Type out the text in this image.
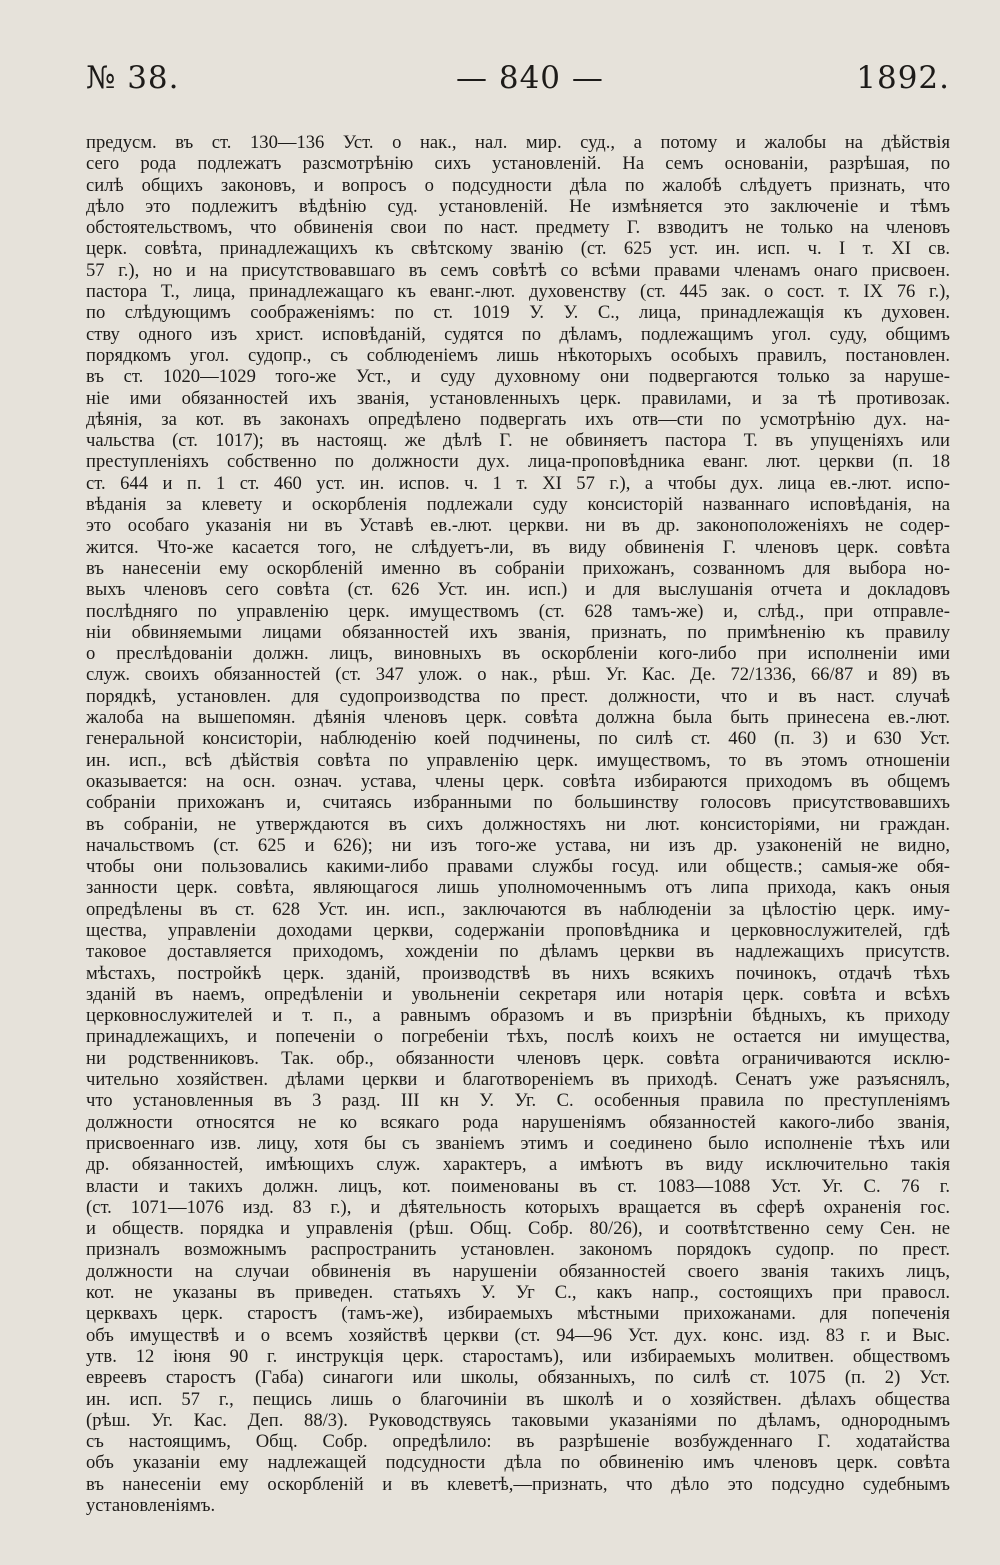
№ 38.	— 840 —	1892.
предусм. въ ст. 130—136 Уст. о нак., нал. мир. суд., а потому и жалобы на дѣйствія
сего рода подлежатъ разсмотрѣнію сихъ установленій. На семъ основаніи, разрѣшая, по
силѣ общихъ законовъ, и вопросъ о подсудности дѣла по жалобѣ слѣдуетъ признать, что
дѣло это подлежитъ вѣдѣнію суд. установленій. Не измѣняется это заключеніе и тѣмъ
обстоятельствомъ, что обвиненія свои по наст. предмету Г. взводитъ не только на членовъ
церк. совѣта, принадлежащихъ къ свѣтскому званію (ст. 625 уст. ин. исп. ч. I т. XI св.
57 г.), но и на присутствовавшаго въ семъ совѣтѣ со всѣми правами членамъ онаго присвоен.
пастора Т., лица, принадлежащаго къ еванг.-лют. духовенству (ст. 445 зак. о сост. т. IX 76 г.),
по слѣдующимъ соображеніямъ: по ст. 1019 У. У. С., лица, принадлежащія къ духовен.
ству одного изъ христ. исповѣданій, судятся по дѣламъ, подлежащимъ угол. суду, общимъ
порядкомъ угол. судопр., съ соблюденіемъ лишь нѣкоторыхъ особыхъ правилъ, постановлен.
въ ст. 1020—1029 того-же Уст., и суду духовному они подвергаются только за наруше-
ніе ими обязанностей ихъ званія, установленныхъ церк. правилами, и за тѣ противозак.
дѣянія, за кот. въ законахъ опредѣлено подвергать ихъ отв—сти по усмотрѣнію дух. на-
чальства (ст. 1017); въ настоящ. же дѣлѣ Г. не обвиняетъ пастора Т. въ упущеніяхъ или
преступленіяхъ собственно по должности дух. лица-проповѣдника еванг. лют. церкви (п. 18
ст. 644 и п. 1 ст. 460 уст. ин. испов. ч. 1 т. XI 57 г.), а чтобы дух. лица ев.-лют. испо-
вѣданія за клевету и оскорбленія подлежали суду консисторій названнаго исповѣданія, на
это особаго указанія ни въ Уставѣ ев.-лют. церкви. ни въ др. законоположеніяхъ не содер-
жится. Что-же касается того, не слѣдуетъ-ли, въ виду обвиненія Г. членовъ церк. совѣта
въ нанесеніи ему оскорбленій именно въ собраніи прихожанъ, созванномъ для выбора но-
выхъ членовъ сего совѣта (ст. 626 Уст. ин. исп.) и для выслушанія отчета и докладовъ
послѣдняго по управленію церк. имуществомъ (ст. 628 тамъ-же) и, слѣд., при отправле-
ніи обвиняемыми лицами обязанностей ихъ званія, признать, по примѣненію къ правилу
о преслѣдованіи должн. лицъ, виновныхъ въ оскорбленіи кого-либо при исполненіи ими
служ. своихъ обязанностей (ст. 347 улож. о нак., рѣш. Уг. Кас. Де. 72/1336, 66/87 и 89) въ
порядкѣ, установлен. для судопроизводства по прест. должности, что и въ наст. случаѣ
жалоба на вышепомян. дѣянія членовъ церк. совѣта должна была быть принесена ев.-лют.
генеральной консисторіи, наблюденію коей подчинены, по силѣ ст. 460 (п. 3) и 630 Уст.
ин. исп., всѣ дѣйствія совѣта по управленію церк. имуществомъ, то въ этомъ отношеніи
оказывается: на осн. означ. устава, члены церк. совѣта избираются приходомъ въ общемъ
собраніи прихожанъ и, считаясь избранными по большинству голосовъ присутствовавшихъ
въ собраніи, не утверждаются въ сихъ должностяхъ ни лют. консисторіями, ни граждан.
начальствомъ (ст. 625 и 626); ни изъ того-же устава, ни изъ др. узаконеній не видно,
чтобы они пользовались какими-либо правами службы госуд. или обществ.; самыя-же обя-
занности церк. совѣта, являющагося лишь уполномоченнымъ отъ липа прихода, какъ оныя
опредѣлены въ ст. 628 Уст. ин. исп., заключаются въ наблюденіи за цѣлостію церк. иму-
щества, управленіи доходами церкви, содержаніи проповѣдника и церковнослужителей, гдѣ
таковое доставляется приходомъ, хожденіи по дѣламъ церкви въ надлежащихъ присутств.
мѣстахъ, постройкѣ церк. зданій, производствѣ въ нихъ всякихъ починокъ, отдачѣ тѣхъ
зданій въ наемъ, опредѣленіи и увольненіи секретаря или нотарія церк. совѣта и всѣхъ
церковнослужителей и т. п., а равнымъ образомъ и въ призрѣніи бѣдныхъ, къ приходу
принадлежащихъ, и попеченіи о погребеніи тѣхъ, послѣ коихъ не остается ни имущества,
ни родственниковъ. Так. обр., обязанности членовъ церк. совѣта ограничиваются исклю-
чительно хозяйствен. дѣлами церкви и благотвореніемъ въ приходѣ. Сенатъ уже разъяснялъ,
что установленныя въ 3 разд. III кн У. Уг. С. особенныя правила по преступленіямъ
должности относятся не ко всякаго рода нарушеніямъ обязанностей какого-либо званія,
присвоеннаго изв. лицу, хотя бы съ званіемъ этимъ и соединено было исполненіе тѣхъ или
др. обязанностей, имѣющихъ служ. характеръ, а имѣютъ въ виду исключительно такія
власти и такихъ должн. лицъ, кот. поименованы въ ст. 1083—1088 Уст. Уг. С. 76 г.
(ст. 1071—1076 изд. 83 г.), и дѣятельность которыхъ вращается въ сферѣ охраненія гос.
и обществ. порядка и управленія (рѣш. Общ. Собр. 80/26), и соотвѣтственно сему Сен. не
призналъ возможнымъ распространить установлен. закономъ порядокъ судопр. по прест.
должности на случаи обвиненія въ нарушеніи обязанностей своего званія такихъ лицъ,
кот. не указаны въ приведен. статьяхъ У. Уг С., какъ напр., состоящихъ при правосл.
церквахъ церк. старостъ (тамъ-же), избираемыхъ мѣстными прихожанами. для попеченія
объ имуществѣ и о всемъ хозяйствѣ церкви (ст. 94—96 Уст. дух. конс. изд. 83 г. и Выс.
утв. 12 іюня 90 г. инструкція церк. старостамъ), или избираемыхъ молитвен. обществомъ
евреевъ старостъ (Габа) синагоги или школы, обязанныхъ, по силѣ ст. 1075 (п. 2) Уст.
ин. исп. 57 г., пещись лишь о благочиніи въ школѣ и о хозяйствен. дѣлахъ общества
(рѣш. Уг. Кас. Деп. 88/3). Руководствуясь таковыми указаніями по дѣламъ, однороднымъ
съ настоящимъ, Общ. Собр. опредѣлило: въ разрѣшеніе возбужденнаго Г. ходатайства
объ указаніи ему надлежащей подсудности дѣла по обвиненію имъ членовъ церк. совѣта
въ нанесеніи ему оскорбленій и въ клеветѣ,—признать, что дѣло это подсудно судебнымъ
установленіямъ.
